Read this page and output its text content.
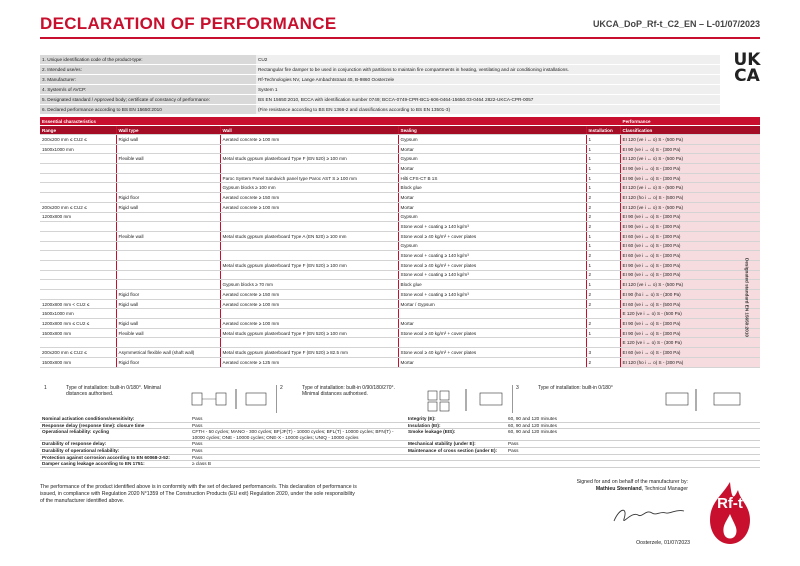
DECLARATION OF PERFORMANCE	UKCA_DoP_Rf-t_C2_EN – L-01/07/2023
UK
CA
1. Unique identification code of the product-type:	CU2
2. Intended use/es:	Rectangular fire damper to be used in conjunction with partitions to maintain fire compartments in heating, ventilating and air conditioning installations.
3. Manufacturer:	Rf-Technologies NV, Lange Ambachtstraat 40, B-9860 Oosterzele
4. System/s of AVCP:	System 1
5. Designated standard / Approved body; certificate of constancy of performance:	BS EN 15650:2010, BCCA with identification number 0749; BCCA-0749-CPR-BC1-606-0464-15650.03-0464 2822-UKCA-CPR-0057
6. Declared performance according to BS EN 15650:2010	(Fire resistance according to BS EN 1366-2 and classifications according to BS EN 13501-3)
Essential characteristics					Performance
Range	Wall type	Wall	Sealing	Installation	Classification
200x200 mm ≤ CU2 ≤	Rigid wall	Aerated concrete ≥ 100 mm	Gypsum	1	EI 120 (ve i ↔ o) S - (500 Pa)
1500x1000 mm			Mortar	1	EI 90 (ve i ↔ o) S - (300 Pa)
	Flexible wall	Metal studs gypsum plasterboard Type F (EN 520) ≥ 100 mm	Gypsum	1	EI 120 (ve i ↔ o) S - (500 Pa)
			Mortar	1	EI 90 (ve i ↔ o) S - (300 Pa)
		Paroc System Panel Sandwich panel type Paroc AST S ≥ 100 mm	Hilti CFS-CT B 1S	1	EI 90 (ve i ↔ o) S - (300 Pa)
		Gypsum blocks ≥ 100 mm	Block glue	1	EI 120 (ve i ↔ o) S - (500 Pa)
	Rigid floor	Aerated concrete ≥ 150 mm	Mortar	2	EI 120 (ho i ↔ o) S - (500 Pa)
200x200 mm ≤ CU2 ≤	Rigid wall	Aerated concrete ≥ 100 mm	Mortar	2	EI 120 (ve i ↔ o) S - (500 Pa)
1200x800 mm			Gypsum	2	EI 90 (ve i ↔ o) S - (300 Pa)
			Stone wool + coating ≥ 140 kg/m³	2	EI 90 (ve i ↔ o) S - (300 Pa)
	Flexible wall	Metal studs gypsum plasterboard Type A (EN 520) ≥ 100 mm	Stone wool ≥ 40 kg/m³ + cover plates	1	EI 60 (ve i ↔ o) S - (300 Pa)
			Gypsum	1	EI 60 (ve i ↔ o) S - (300 Pa)
			Stone wool + coating ≥ 140 kg/m³	2	EI 60 (ve i ↔ o) S - (300 Pa)
		Metal studs gypsum plasterboard Type F (EN 520) ≥ 100 mm	Stone wool ≥ 40 kg/m³ + cover plates	1	EI 90 (ve i ↔ o) S - (300 Pa)
			Stone wool + coating ≥ 140 kg/m³	2	EI 90 (ve i ↔ o) S - (300 Pa)
		Gypsum blocks ≥ 70 mm	Block glue	1	EI 120 (ve i ↔ o) S - (500 Pa)
	Rigid floor	Aerated concrete ≥ 150 mm	Stone wool + coating ≥ 140 kg/m³	2	EI 90 (ho i ↔ o) S - (300 Pa)
1200x800 mm < CU2 ≤	Rigid wall	Aerated concrete ≥ 100 mm	Mortar / Gypsum	2	EI 60 (ve i ↔ o) S - (500 Pa)
1500x1000 mm					E 120 (ve i ↔ o) S - (500 Pa)
1200x800 mm ≤ CU2 ≤	Rigid wall	Aerated concrete ≥ 100 mm	Mortar	2	EI 90 (ve i ↔ o) S - (300 Pa)
1500x800 mm	Flexible wall	Metal studs gypsum plasterboard Type F (EN 520) ≥ 100 mm	Stone wool ≥ 40 kg/m³ + cover plates	1	EI 90 (ve i ↔ o) S - (300 Pa)
					E 120 (ve i ↔ o) S - (300 Pa)
200x200 mm ≤ CU2 ≤	Asymmetrical flexible wall (shaft wall)	Metal studs gypsum plasterboard Type F (EN 520) ≥ 82.5 mm	Stone wool ≥ 40 kg/m³ + cover plates	3	EI 60 (ve i ↔ o) S - (300 Pa)
1500x800 mm	Rigid floor	Aerated concrete ≥ 125 mm	Mortar	2	EI 120 (ho i ↔ o) S - (300 Pa)
Designated standard EN 15650:2010
1	Type of installation: built-in 0/180°. Minimal distances authorised.
2	Type of installation: built-in 0/90/180/270°. Minimal distances authorised.
3	Type of installation: built-in 0/180°
Nominal activation conditions/sensitivity:	Pass	Integrity (E):	60, 90 and 120 minutes
Response delay (response time): closure time	Pass	Insulation (EI):	60, 90 and 120 minutes
Operational reliability: cycling	CFTH - 50 cycles; MANO - 300 cycles; BF(JF(T) - 10000 cycles; BFL(T) - 10000 cycles; BFN(T) - 10000 cycles; ONE - 10000 cycles; ONE-X - 10000 cycles; UNIQ - 10000 cycles	Smoke leakage (EIS):	60, 90 and 120 minutes
Durability of response delay:	Pass	Mechanical stability (under E):	Pass
Durability of operational reliability:	Pass	Maintenance of cross section (under E):	Pass
Protection against corrosion according to EN 60068-2-52:	Pass		
Damper casing leakage according to EN 1751:	≥ class B		
The performance of the product identified above is in conformity with the set of declared performance/s. This declaration of performance is issued, in compliance with Regulation 2020 N°1359 of The Construction Products (EU exit) Regulation 2020, under the sole responsibility of the manufacturer identified above.
Signed for and on behalf of the manufacturer by:
Mathieu Steenland, Technical Manager
Oosterzele, 01/07/2023
Rf-t
